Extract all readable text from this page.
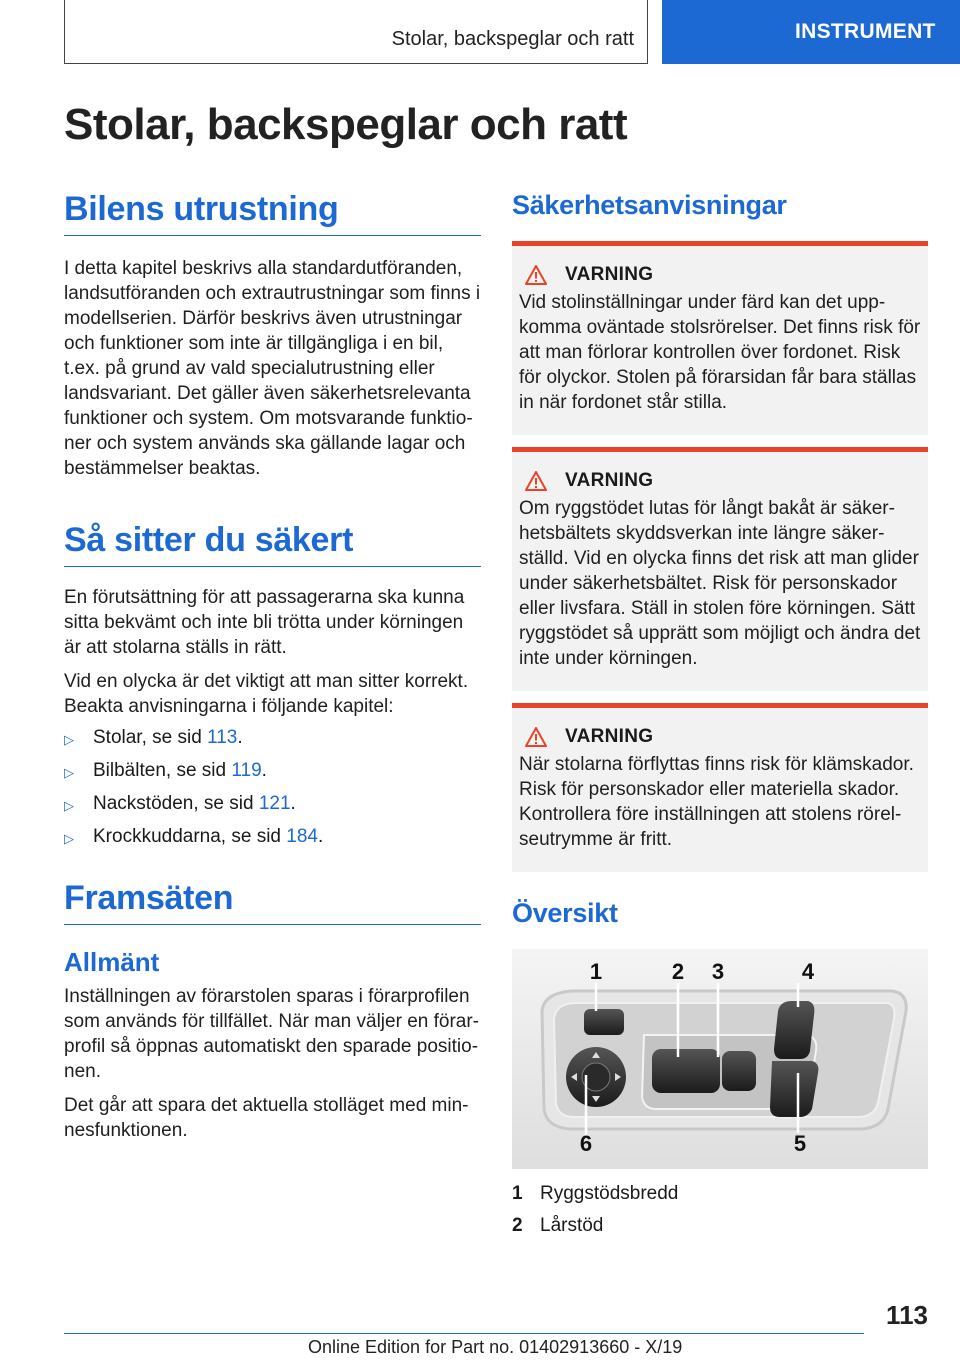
Stolar, backspeglar och ratt	INSTRUMENT
Stolar, backspeglar och ratt
Bilens utrustning

I detta kapitel beskrivs alla standardutföranden, landsutföranden och extrautrustningar som finns i modellserien. Därför beskrivs även utrustningar och funktioner som inte är tillgängliga i en bil, t.ex. på grund av vald specialutrustning eller landsvariant. Det gäller även säkerhetsrelevanta funktioner och system. Om motsvarande funktioner och system används ska gällande lagar och bestämmelser beaktas.

Så sitter du säkert

En förutsättning för att passagerarna ska kunna sitta bekvämt och inte bli trötta under körningen är att stolarna ställs in rätt.

Vid en olycka är det viktigt att man sitter korrekt. Beakta anvisningarna i följande kapitel:

▷	Stolar, se sid 113.
▷	Bilbälten, se sid 119.
▷	Nackstöden, se sid 121.
▷	Krockkuddarna, se sid 184.
Framsäten
Allmänt

Inställningen av förarstolen sparas i förarprofilen som används för tillfället. När man väljer en förarprofil så öppnas automatiskt den sparade positionen.

Det går att spara det aktuella stolläget med minnesfunktionen.

Säkerhetsanvisningar
VARNING

Vid stolinställningar under färd kan det uppkomma oväntade stolsrörelser. Det finns risk för att man förlorar kontrollen över fordonet. Risk för olyckor. Stolen på förarsidan får bara ställas in när fordonet står stilla.

VARNING

Om ryggstödet lutas för långt bakåt är säkerhetsbältets skyddsverkan inte längre säkerställd. Vid en olycka finns det risk att man glider under säkerhetsbältet. Risk för personskador eller livsfara. Ställ in stolen före körningen. Sätt ryggstödet så upprätt som möjligt och ändra det inte under körningen.

VARNING

När stolarna förflyttas finns risk för klämskador. Risk för personskador eller materiella skador. Kontrollera före inställningen att stolens rörelseutrymme är fritt.

Översikt
1	2 3	4
5
6
1 Ryggstödsbredd
2 Lårstöd
113
Online Edition for Part no. 01402913660 - X/19
